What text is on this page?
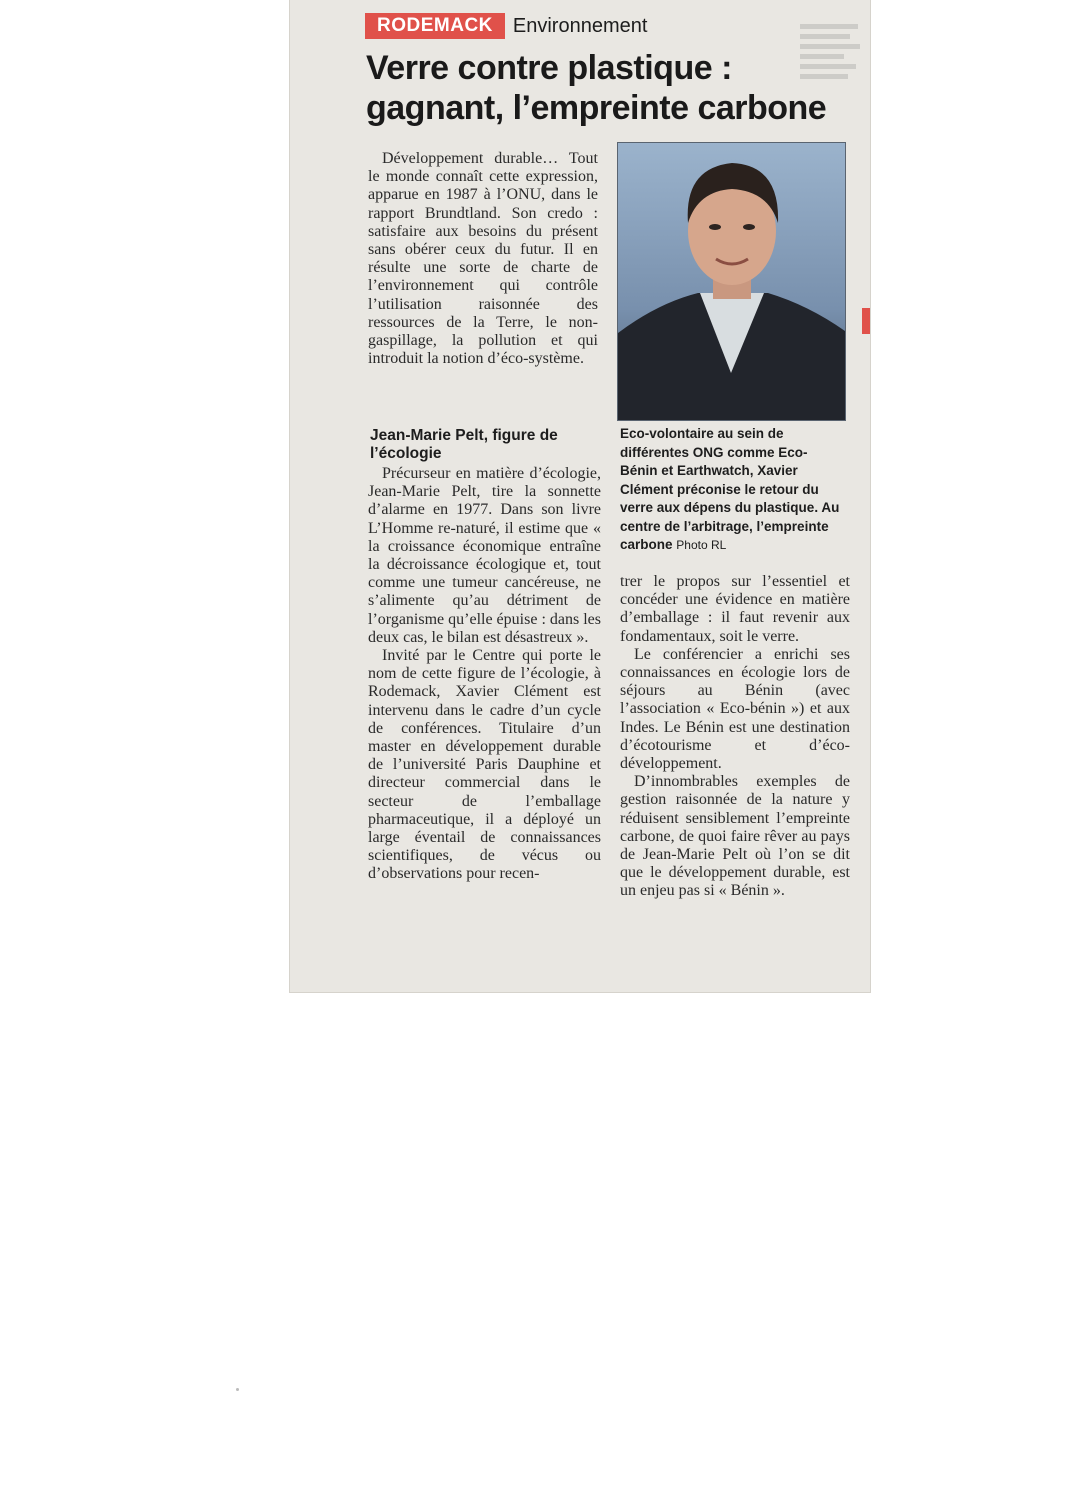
RODEMACK	Environnement
Verre contre plastique : gagnant, l’empreinte carbone

Développement durable… Tout le monde connaît cette expression, apparue en 1987 à l’ONU, dans le rapport Brundtland. Son credo : satisfaire aux besoins du présent sans obérer ceux du futur. Il en résulte une sorte de charte de l’environnement qui contrôle l’utilisation raisonnée des ressources de la Terre, le non-gaspillage, la pollution et qui introduit la notion d’éco-système.

Jean-Marie Pelt, figure de l’écologie

Précurseur en matière d’écologie, Jean-Marie Pelt, tire la sonnette d’alarme en 1977. Dans son livre L’Homme re-naturé, il estime que « la croissance économique entraîne la décroissance écologique et, tout comme une tumeur cancéreuse, ne s’alimente qu’au détriment de l’organisme qu’elle épuise : dans les deux cas, le bilan est désastreux ».

Invité par le Centre qui porte le nom de cette figure de l’écologie, à Rodemack, Xavier Clément est intervenu dans le cadre d’un cycle de conférences. Titulaire d’un master en développement durable de l’université Paris Dauphine et directeur commercial dans le secteur de l’emballage pharmaceutique, il a déployé un large éventail de connaissances scientifiques, de vécus ou d’observations pour recen-

Eco-volontaire au sein de différentes ONG comme Eco-Bénin et Earthwatch, Xavier Clément préconise le retour du verre aux dépens du plastique. Au centre de l’arbitrage, l’empreinte carbone Photo RL

trer le propos sur l’essentiel et concéder une évidence en matière d’emballage : il faut revenir aux fondamentaux, soit le verre.

Le conférencier a enrichi ses connaissances en écologie lors de séjours au Bénin (avec l’association « Eco-bénin ») et aux Indes. Le Bénin est une destination d’écotourisme et d’éco-développement.

D’innombrables exemples de gestion raisonnée de la nature y réduisent sensiblement l’empreinte carbone, de quoi faire rêver au pays de Jean-Marie Pelt où l’on se dit que le développement durable, est un enjeu pas si « Bénin ».
